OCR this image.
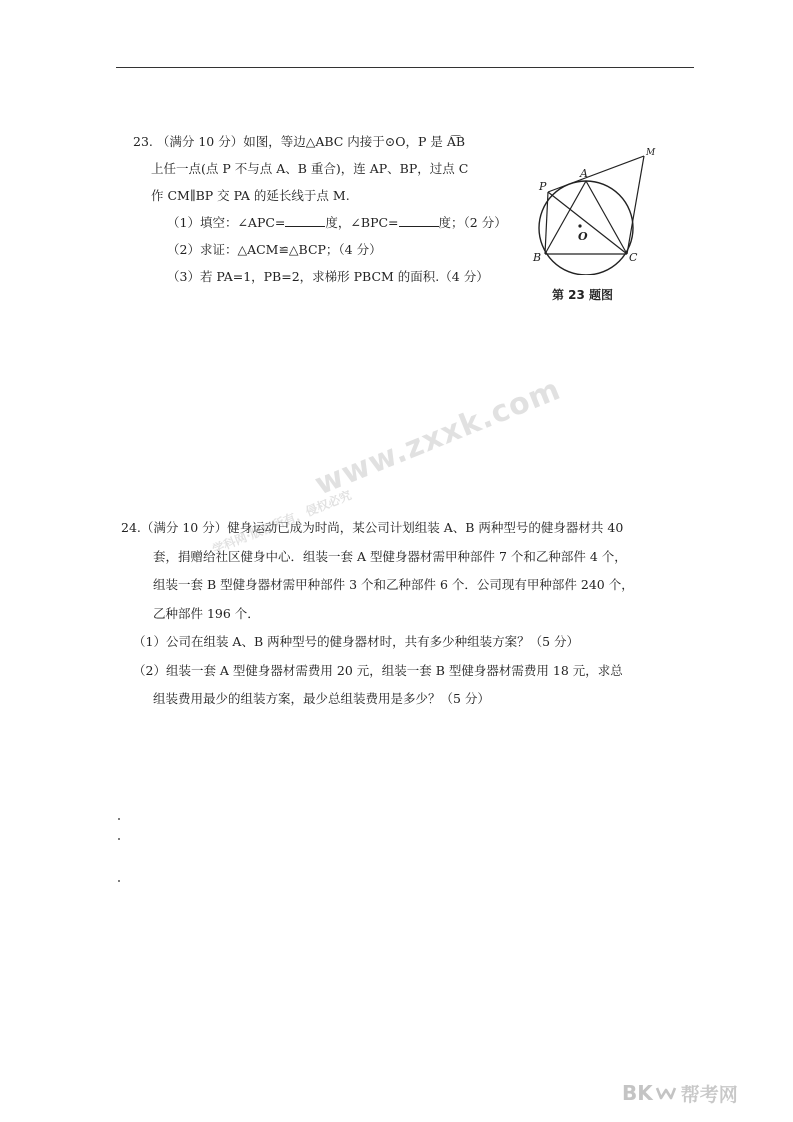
23. （满分 10 分）如图，等边△ABC 内接于⊙O，P 是 A͡B

上任一点(点 P 不与点 A、B 重合)，连 AP、BP，过点 C

作 CM∥BP 交 PA 的延长线于点 M.

（1）填空：∠APC=	度，∠BPC=	度；（2 分）

（2）求证：△ACM≌△BCP；（4 分）

（3）若 PA=1，PB=2，求梯形 PBCM 的面积.（4 分）

A
M
P
O
B	C
第 23 题图
www.zxxk.com
学科网·版权所有，侵权必究

24.（满分 10 分）健身运动已成为时尚，某公司计划组装 A、B 两种型号的健身器材共 40

套，捐赠给社区健身中心．组装一套 A 型健身器材需甲种部件 7 个和乙种部件 4 个，

组装一套 B 型健身器材需甲种部件 3 个和乙种部件 6 个．公司现有甲种部件 240 个，

乙种部件 196 个．

（1）公司在组装 A、B 两种型号的健身器材时，共有多少种组装方案？（5 分）

（2）组装一套 A 型健身器材需费用 20 元，组装一套 B 型健身器材需费用 18 元，求总

组装费用最少的组装方案，最少总组装费用是多少？（5 分）

BK 帮考网
